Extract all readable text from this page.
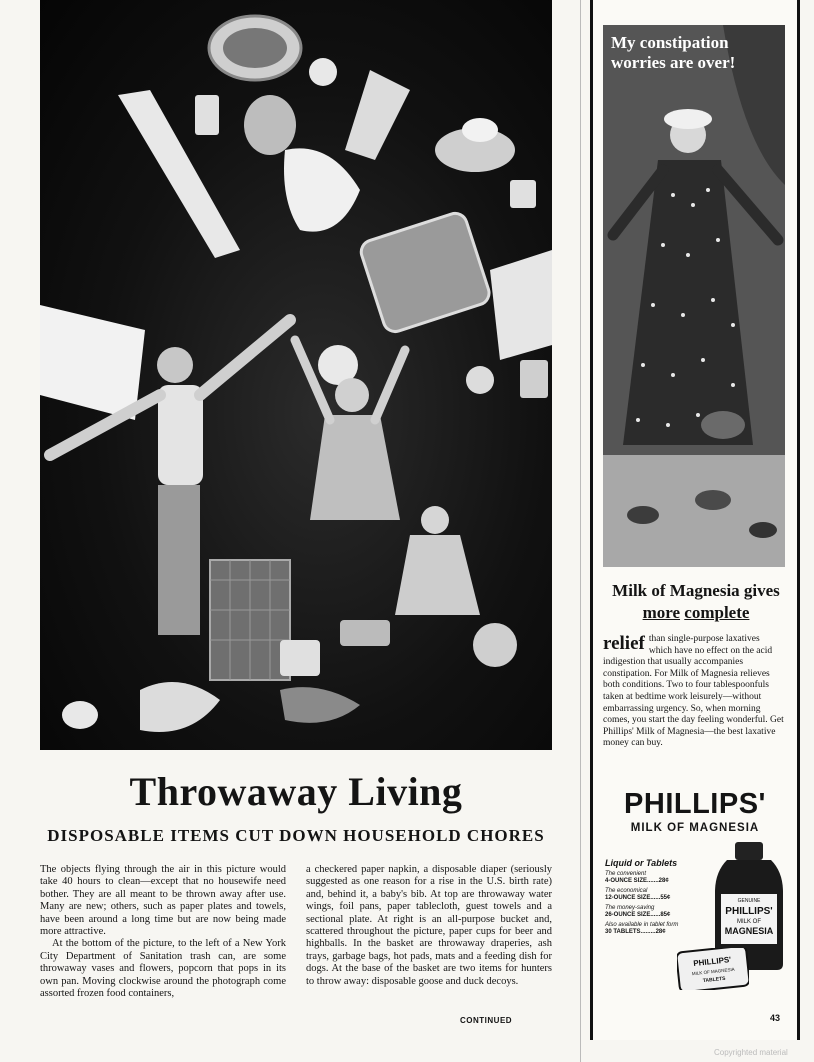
Throwaway Living
DISPOSABLE ITEMS CUT DOWN HOUSEHOLD CHORES

The objects flying through the air in this picture would take 40 hours to clean—except that no housewife need bother. They are all meant to be thrown away after use. Many are new; others, such as paper plates and towels, have been around a long time but are now being made more attractive.

At the bottom of the picture, to the left of a New York City Department of Sanitation trash can, are some throwaway vases and flowers, popcorn that pops in its own pan. Moving clockwise around the photograph come assorted frozen food containers,

a checkered paper napkin, a disposable diaper (seriously suggested as one reason for a rise in the U.S. birth rate) and, behind it, a baby's bib. At top are throwaway water wings, foil pans, paper tablecloth, guest towels and a sectional plate. At right is an all-purpose bucket and, scattered throughout the picture, paper cups for beer and highballs. In the basket are throwaway draperies, ash trays, garbage bags, hot pads, mats and a feeding dish for dogs. At the base of the basket are two items for hunters to throw away: disposable goose and duck decoys.

CONTINUED
My constipation worries are over!
Milk of Magnesia gives more complete
relief than single-purpose laxatives which have no effect on the acid indigestion that usually accompanies constipation. For Milk of Magnesia relieves both conditions. Two to four tablespoonfuls taken at bedtime work leisurely—without embarrassing urgency. So, when morning comes, you start the day feeling wonderful. Get Phillips' Milk of Magnesia—the best laxative money can buy.
PHILLIPS'
MILK OF MAGNESIA
Liquid or Tablets
The convenient
4-OUNCE SIZE.......28¢
The economical
12-OUNCE SIZE......55¢
The money-saving
26-OUNCE SIZE......85¢
Also available in tablet form
30 TABLETS.........28¢
GENUINE
PHILLIPS'
MILK OF
MAGNESIA
PHILLIPS'
MILK OF MAGNESIA
TABLETS
43
Copyrighted material
